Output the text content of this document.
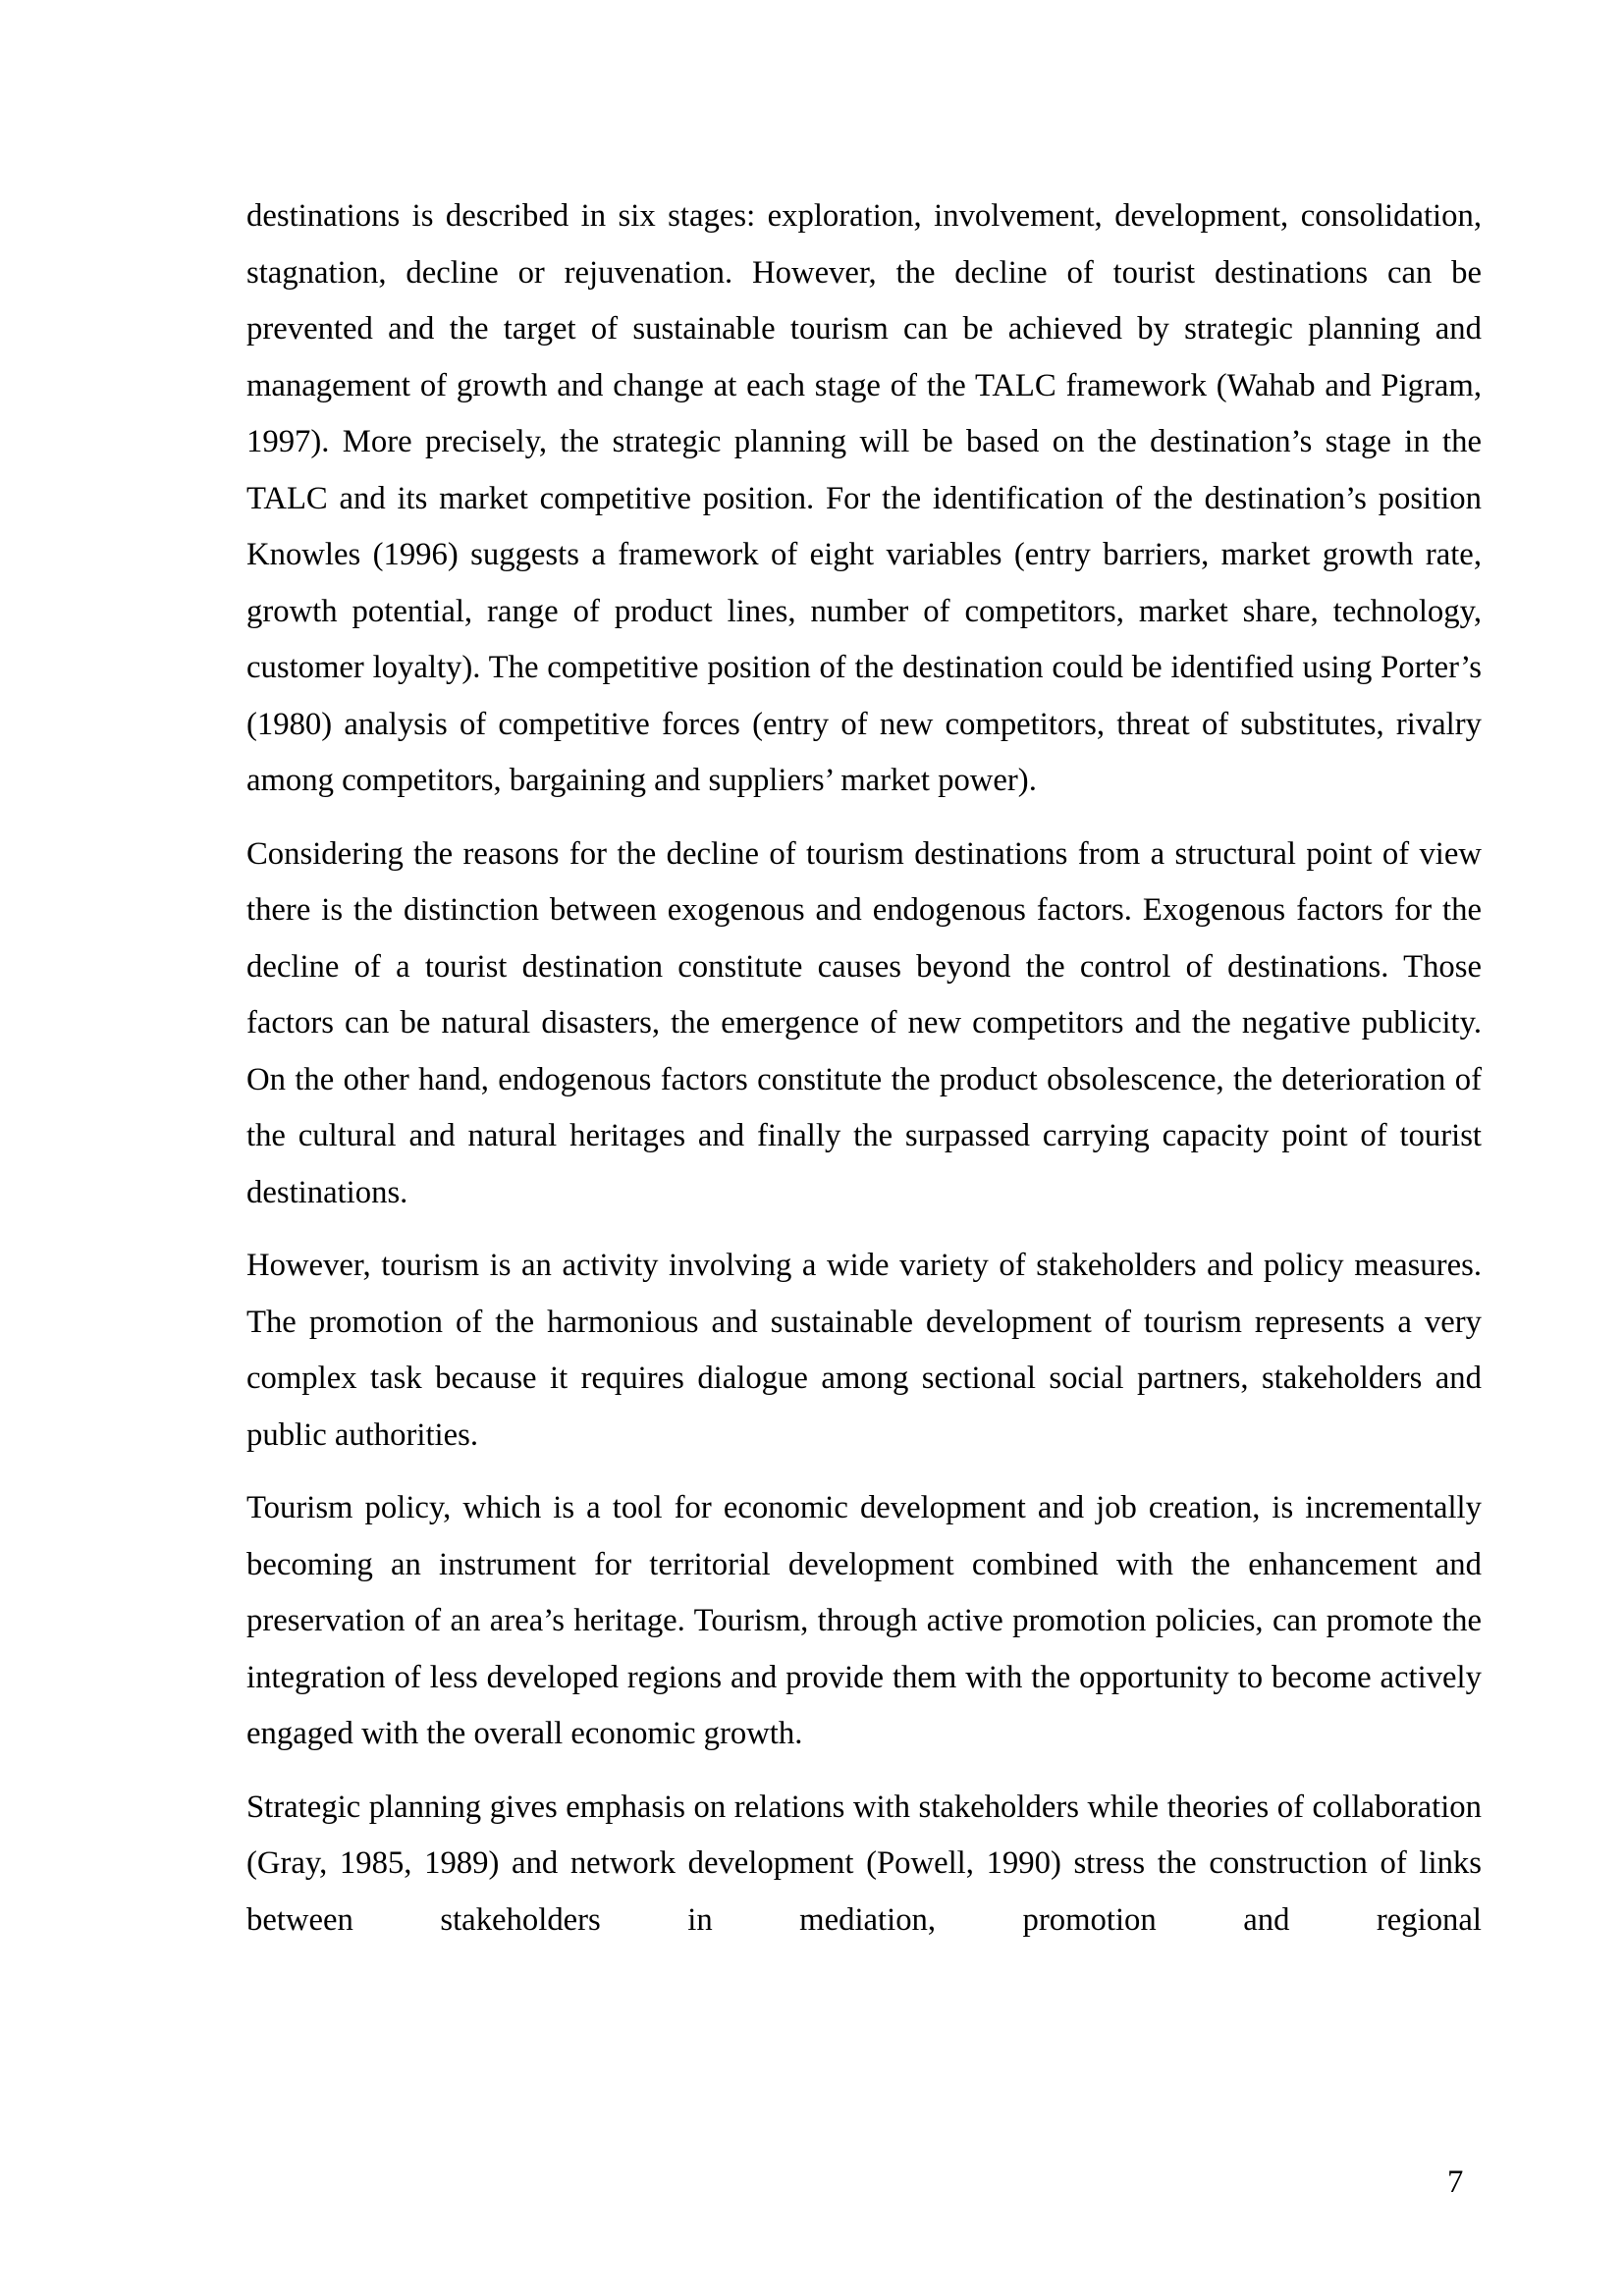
destinations is described in six stages: exploration, involvement, development, consolidation, stagnation, decline or rejuvenation. However, the decline of tourist destinations can be prevented and the target of sustainable tourism can be achieved by strategic planning and management of growth and change at each stage of the TALC framework (Wahab and Pigram, 1997). More precisely, the strategic planning will be based on the destination’s stage in the TALC and its market competitive position. For the identification of the destination’s position Knowles (1996) suggests a framework of eight variables (entry barriers, market growth rate, growth potential, range of product lines, number of competitors, market share, technology, customer loyalty). The competitive position of the destination could be identified using Porter’s (1980) analysis of competitive forces (entry of new competitors, threat of substitutes, rivalry among competitors, bargaining and suppliers’ market power).

Considering the reasons for the decline of tourism destinations from a structural point of view there is the distinction between exogenous and endogenous factors. Exogenous factors for the decline of a tourist destination constitute causes beyond the control of destinations. Those factors can be natural disasters, the emergence of new competitors and the negative publicity. On the other hand, endogenous factors constitute the product obsolescence, the deterioration of the cultural and natural heritages and finally the surpassed carrying capacity point of tourist destinations.

However, tourism is an activity involving a wide variety of stakeholders and policy measures. The promotion of the harmonious and sustainable development of tourism represents a very complex task because it requires dialogue among sectional social partners, stakeholders and public authorities.

Tourism policy, which is a tool for economic development and job creation, is incrementally becoming an instrument for territorial development combined with the enhancement and preservation of an area’s heritage. Tourism, through active promotion policies, can promote the integration of less developed regions and provide them with the opportunity to become actively engaged with the overall economic growth.

Strategic planning gives emphasis on relations with stakeholders while theories of collaboration (Gray, 1985, 1989) and network development (Powell, 1990) stress the construction of links between stakeholders in mediation, promotion and regional

7
